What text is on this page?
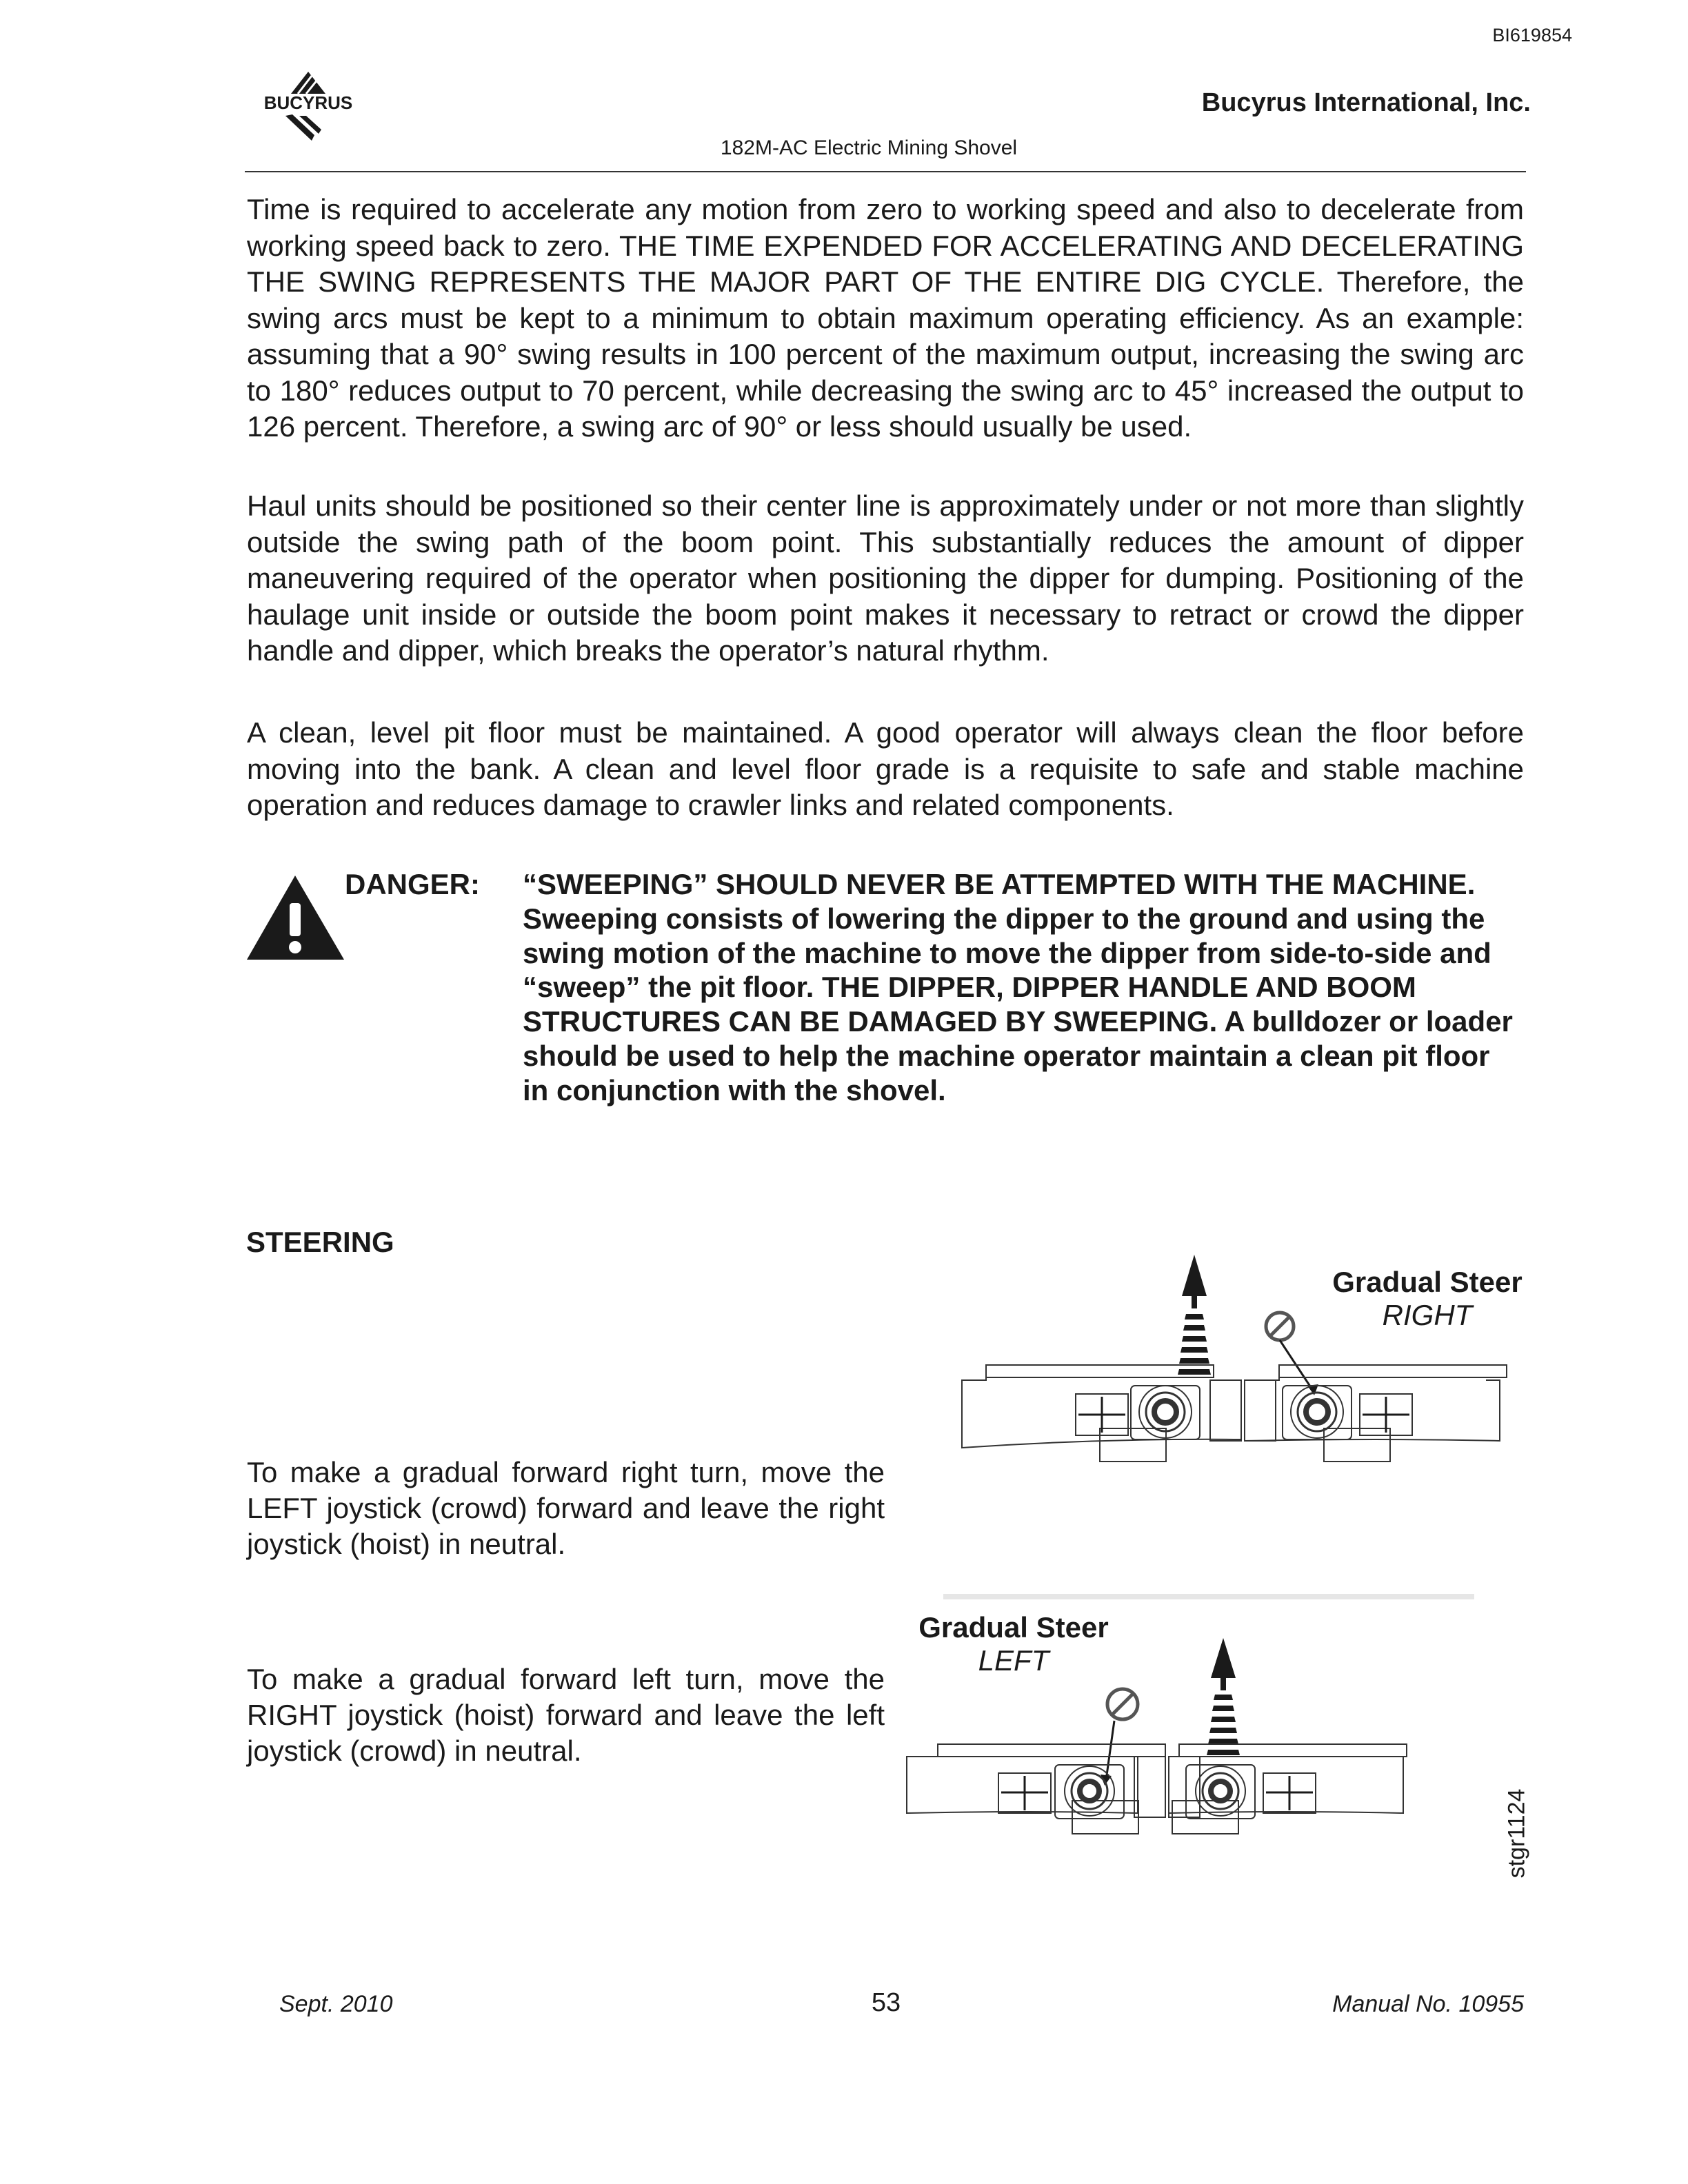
BI619854
BUCYRUS	Bucyrus International, Inc.
182M-AC Electric Mining Shovel

Time is required to accelerate any motion from zero to working speed and also to decelerate from working speed back to zero. THE TIME EXPENDED FOR ACCELERATING AND DECELERATING THE SWING REPRESENTS THE MAJOR PART OF THE ENTIRE DIG CYCLE. Therefore, the swing arcs must be kept to a minimum to obtain maximum operating efficiency. As an example: assuming that a 90° swing results in 100 percent of the maximum output, increasing the swing arc to 180° reduces output to 70 percent, while decreasing the swing arc to 45° increased the output to 126 percent. Therefore, a swing arc of 90° or less should usually be used.

Haul units should be positioned so their center line is approximately under or not more than slightly outside the swing path of the boom point. This substantially reduces the amount of dipper maneuvering required of the operator when positioning the dipper for dumping. Positioning of the haulage unit inside or outside the boom point makes it necessary to retract or crowd the dipper handle and dipper, which breaks the operator’s natural rhythm.

A clean, level pit floor must be maintained. A good operator will always clean the floor before moving into the bank. A clean and level floor grade is a requisite to safe and stable machine operation and reduces damage to crawler links and related components.

DANGER: “SWEEPING” SHOULD NEVER BE ATTEMPTED WITH THE MACHINE. Sweeping consists of lowering the dipper to the ground and using the swing motion of the machine to move the dipper from side-to-side and “sweep” the pit floor. THE DIPPER, DIPPER HANDLE AND BOOM STRUCTURES CAN BE DAMAGED BY SWEEPING. A bulldozer or loader should be used to help the machine operator maintain a clean pit floor in conjunction with the shovel.

STEERING

To make a gradual forward right turn, move the LEFT joystick (crowd) forward and leave the right joystick (hoist) in neutral.

To make a gradual forward left turn, move the RIGHT joystick (hoist) forward and leave the left joystick (crowd) in neutral.

Gradual Steer
RIGHT
Gradual Steer
LEFT
stgr1124
Sept. 2010	53	Manual No. 10955
